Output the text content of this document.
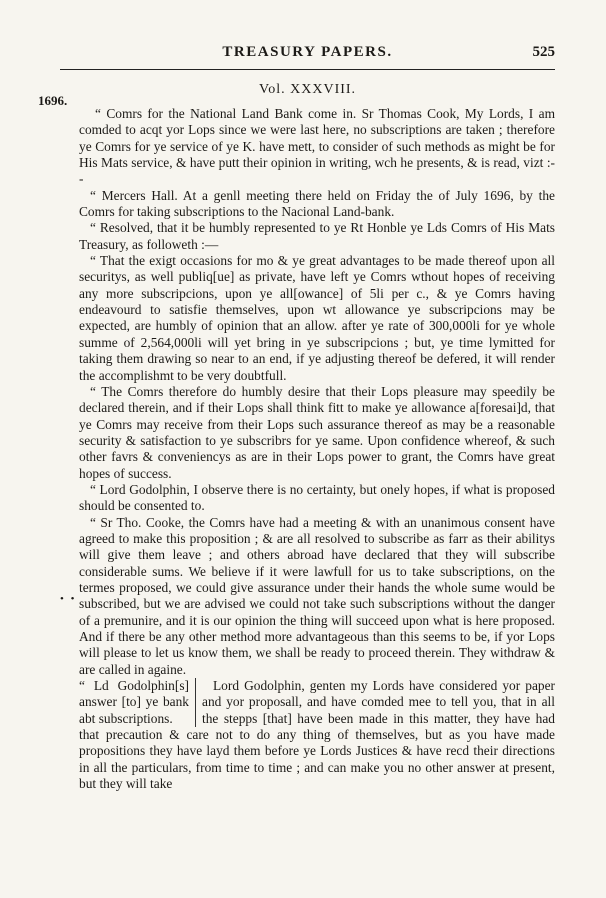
TREASURY PAPERS.	525
Vol. XXXVIII.
1696.
• •

“ Comrs for the National Land Bank come in. Sr Thomas Cook, My Lords, I am comded to acqt yor Lops since we were last here, no subscriptions are taken ; therefore ye Comrs for ye service of ye K. have mett, to consider of such methods as might be for His Mats service, & have putt their opinion in writing, wch he presents, & is read, vizt :- -

“ Mercers Hall. At a genll meeting there held on Friday the of July 1696, by the Comrs for taking subscriptions to the Nacional Land-bank.

“ Resolved, that it be humbly represented to ye Rt Honble ye Lds Comrs of His Mats Treasury, as followeth :—

“ That the exigt occasions for mo & ye great advantages to be made thereof upon all securitys, as well publiq[ue] as private, have left ye Comrs wthout hopes of receiving any more subscripcions, upon ye all[owance] of 5li per c., & ye Comrs having endeavourd to satisfie themselves, upon wt allowance ye subscripcions may be expected, are humbly of opinion that an allow. after ye rate of 300,000li for ye whole summe of 2,564,000li will yet bring in ye subscripcions ; but, ye time lymitted for taking them drawing so near to an end, if ye adjusting thereof be defered, it will render the accomplishmt to be very doubtfull.

“ The Comrs therefore do humbly desire that their Lops pleasure may speedily be declared therein, and if their Lops shall think fitt to make ye allowance a[foresai]d, that ye Comrs may receive from their Lops such assurance thereof as may be a reasonable security & satisfaction to ye subscribrs for ye same. Upon confidence whereof, & such other favrs & conveniencys as are in their Lops power to grant, the Comrs have great hopes of success.

“ Lord Godolphin, I observe there is no certainty, but onely hopes, if what is proposed should be consented to.

“ Sr Tho. Cooke, the Comrs have had a meeting & with an unanimous consent have agreed to make this proposition ; & are all resolved to subscribe as farr as their abilitys will give them leave ; and others abroad have declared that they will subscribe considerable sums. We believe if it were lawfull for us to take subscriptions, on the termes proposed, we could give assurance under their hands the whole sume would be subscribed, but we are advised we could not take such subscriptions without the danger of a premunire, and it is our opinion the thing will succeed upon what is here proposed. And if there be any other method more advantageous than this seems to be, if yor Lops will please to let us know them, we shall be ready to proceed therein. They withdraw & are called in againe.

“ Ld Godolphin[s] answer [to] ye bank abt subscriptions.
Lord Godolphin, genten my Lords have considered yor paper and yor proposall, and have comded mee to tell you, that in all the stepps [that] have been made in this matter, they have had that precaution & care not to do any thing of themselves, but as you have made propositions they have layd them before ye Lords Justices & have recd their directions in all the particulars, from time to time ; and can make you no other answer at present, but they will take
